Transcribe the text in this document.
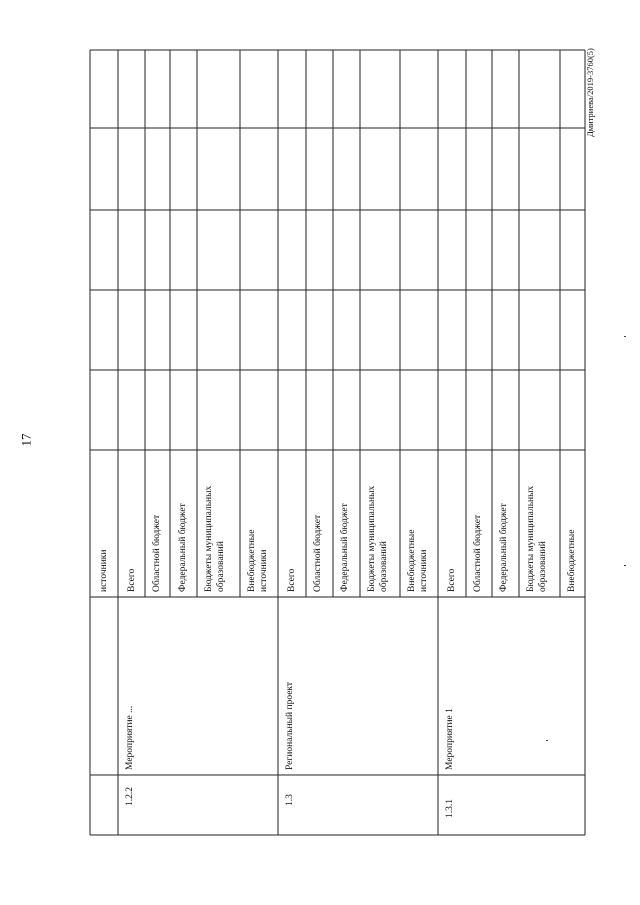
17
Дмитриева/2019-3760(5)
источники
1.2.2
Мероприятие ...
Всего Областной бюджет Федеральный бюджет Бюджеты муниципальных образований Внебюджетные источники
1.3
Региональный проект
Всего Областной бюджет Федеральный бюджет Бюджеты муниципальных образований Внебюджетные источники
1.3.1
Мероприятие 1
Всего Областной бюджет Федеральный бюджет Бюджеты муниципальных образований Внебюджетные
